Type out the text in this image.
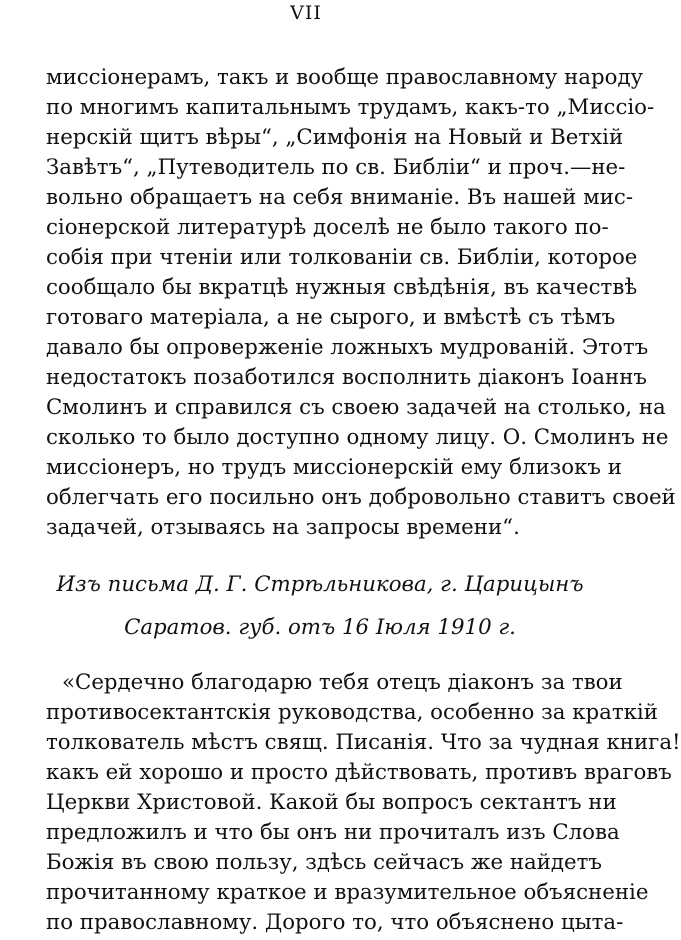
VII
миссіонерамъ, такъ и вообще православному народу
по многимъ капитальнымъ трудамъ, какъ-то „Миссіо-
нерскій щитъ вѣры“, „Симфонія на Новый и Ветхій
Завѣтъ“, „Путеводитель по св. Библіи“ и проч.—не-
вольно обращаетъ на себя вниманіе. Въ нашей мис-
сіонерской литературѣ доселѣ не было такого по-
собія при чтеніи или толкованіи св. Библіи, которое
сообщало бы вкратцѣ нужныя свѣдѣнія, въ качествѣ
готоваго матеріала, а не сырого, и вмѣстѣ съ тѣмъ
давало бы опроверженіе ложныхъ мудрованій. Этотъ
недостатокъ позаботился восполнить діаконъ Іоаннъ
Смолинъ и справился съ своею задачей на столько, на
сколько то было доступно одному лицу. О. Смолинъ не
миссіонеръ, но трудъ миссіонерскій ему близокъ и
облегчать его посильно онъ добровольно ставитъ своей
задачей, отзываясь на запросы времени“.
Изъ письма Д. Г. Стрѣльникова, г. Царицынъ
Саратов. губ. отъ 16 Іюля 1910 г.
«Сердечно благодарю тебя отецъ діаконъ за твои
противосектантскія руководства, особенно за краткій
толкователь мѣстъ свящ. Писанія. Что за чудная книга!
какъ ей хорошо и просто дѣйствовать, противъ враговъ
Церкви Христовой. Какой бы вопросъ сектантъ ни
предложилъ и что бы онъ ни прочиталъ изъ Слова
Божія въ свою пользу, здѣсь сейчасъ же найдетъ
прочитанному краткое и вразумительное объясненіе
по православному. Дорого то, что объяснено цыта-
